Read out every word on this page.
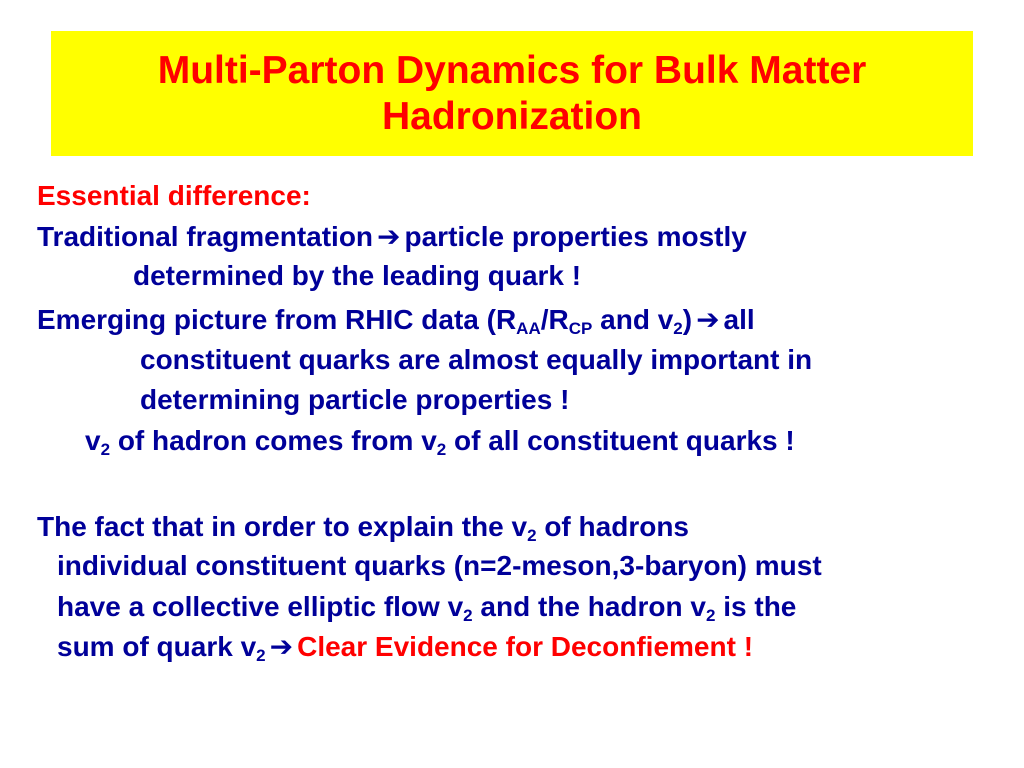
Multi-Parton Dynamics for Bulk Matter
Hadronization
Essential difference:
Traditional fragmentation ➔ particle properties mostly
determined by the leading quark !
Emerging picture from RHIC data ($R_{AA}/R_{CP}$ and $v_2$) ➔ all
constituent quarks are almost equally important in
determining particle properties !
$v_2$ of hadron comes from $v_2$ of all constituent quarks !
The fact that in order to explain the $v_2$ of hadrons
individual constituent quarks (n=2-meson,3-baryon) must
have a collective elliptic flow $v_2$ and the hadron $v_2$ is the
sum of quark $v_2$ ➔ Clear Evidence for Deconfiement !
